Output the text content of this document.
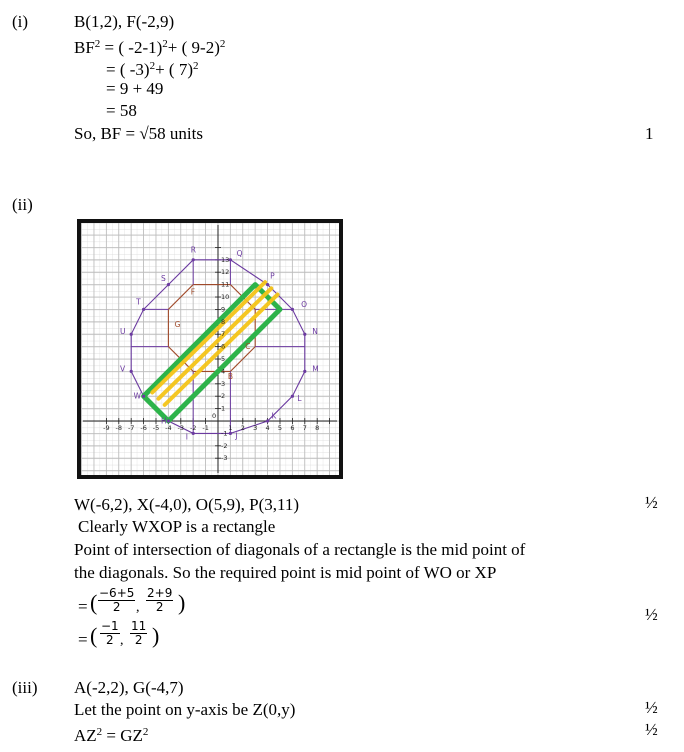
(i)	B(1,2), F(-2,9)
$BF^2$ = ( -2-1)$^2$+ ( 9-2)$^2$
= ( -3)$^2$+ ( 7)$^2$
= 9 + 49
= 58
So, BF = √58 units	1
(ii)
-9 -8 -7 -6 -5 -4 -3 -2 -1	1 2 3 4 5 6 7 8
13
12
11
10
9
8
7
6
5
4
3
2
1
-1
-2
-3
0
R	Q
P
O
N
M
L
K
J
I
H
W
V
U
T
S
F
G
B
C
W(-6,2), X(-4,0), O(5,9), P(3,11)	½
Clearly WXOP is a rectangle
Point of intersection of diagonals of a rectangle is the mid point of
the diagonals. So the required point is mid point of WO or XP
= ( $\frac{-6+5}{2}$ , $\frac{2+9}{2}$ )
= ( $\frac{-1}{2}$ , $\frac{11}{2}$ )
½
(iii) A(-2,2), G(-4,7)
Let the point on y-axis be Z(0,y)	½
$AZ^2 = GZ^2$	½
